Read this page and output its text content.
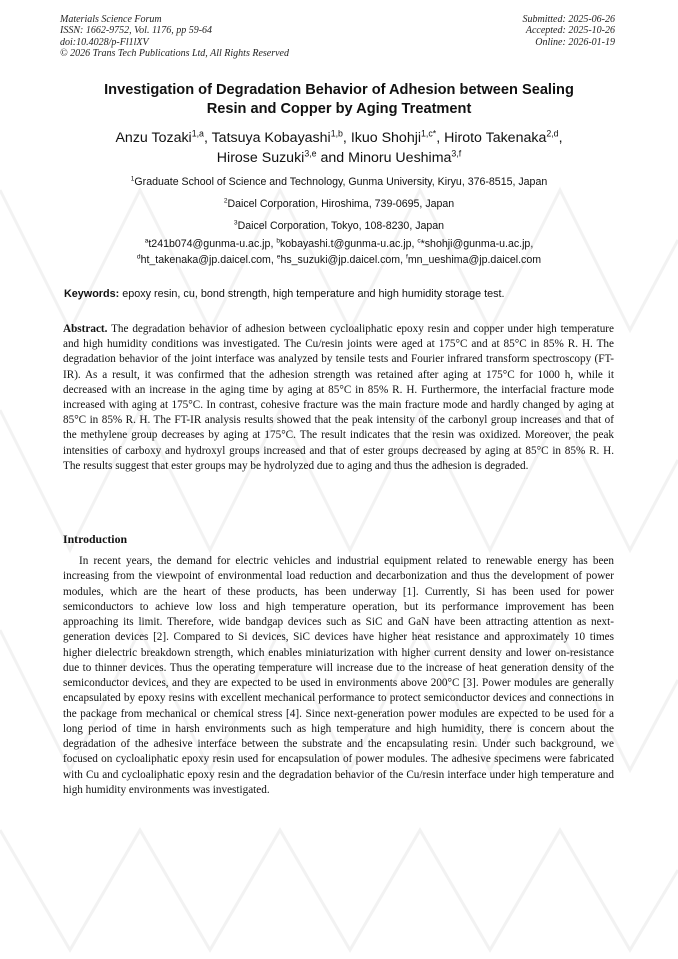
Materials Science Forum
ISSN: 1662-9752, Vol. 1176, pp 59-64
doi:10.4028/p-Fl1lXV
© 2026 Trans Tech Publications Ltd, All Rights Reserved
Submitted: 2025-06-26
Accepted: 2025-10-26
Online: 2026-01-19
Investigation of Degradation Behavior of Adhesion between Sealing
Resin and Copper by Aging Treatment
Anzu Tozaki$^{1,a}$, Tatsuya Kobayashi$^{1,b}$, Ikuo Shohji$^{1,c*}$, Hiroto Takenaka$^{2,d}$,
Hirose Suzuki$^{3,e}$ and Minoru Ueshima$^{3,f}$
$^1$Graduate School of Science and Technology, Gunma University, Kiryu, 376-8515, Japan
$^2$Daicel Corporation, Hiroshima, 739-0695, Japan
$^3$Daicel Corporation, Tokyo, 108-8230, Japan
$^a$t241b074@gunma-u.ac.jp, $^b$kobayashi.t@gunma-u.ac.jp, $^c$*shohji@gunma-u.ac.jp,
$^d$ht_takenaka@jp.daicel.com, $^e$hs_suzuki@jp.daicel.com, $^f$mn_ueshima@jp.daicel.com
Keywords: epoxy resin, cu, bond strength, high temperature and high humidity storage test.
Abstract. The degradation behavior of adhesion between cycloaliphatic epoxy resin and copper under high temperature and high humidity conditions was investigated. The Cu/resin joints were aged at 175°C and at 85°C in 85% R. H. The degradation behavior of the joint interface was analyzed by tensile tests and Fourier infrared transform spectroscopy (FT-IR). As a result, it was confirmed that the adhesion strength was retained after aging at 175°C for 1000 h, while it decreased with an increase in the aging time by aging at 85°C in 85% R. H. Furthermore, the interfacial fracture mode increased with aging at 175°C. In contrast, cohesive fracture was the main fracture mode and hardly changed by aging at 85°C in 85% R. H. The FT-IR analysis results showed that the peak intensity of the carbonyl group increases and that of the methylene group decreases by aging at 175°C. The result indicates that the resin was oxidized. Moreover, the peak intensities of carboxy and hydroxyl groups increased and that of ester groups decreased by aging at 85°C in 85% R. H. The results suggest that ester groups may be hydrolyzed due to aging and thus the adhesion is degraded.
Introduction

In recent years, the demand for electric vehicles and industrial equipment related to renewable energy has been increasing from the viewpoint of environmental load reduction and decarbonization and thus the development of power modules, which are the heart of these products, has been underway [1]. Currently, Si has been used for power semiconductors to achieve low loss and high temperature operation, but its performance improvement has been approaching its limit. Therefore, wide bandgap devices such as SiC and GaN have been attracting attention as next-generation devices [2]. Compared to Si devices, SiC devices have higher heat resistance and approximately 10 times higher dielectric breakdown strength, which enables miniaturization with higher current density and lower on-resistance due to thinner devices. Thus the operating temperature will increase due to the increase of heat generation density of the semiconductor devices, and they are expected to be used in environments above 200°C [3]. Power modules are generally encapsulated by epoxy resins with excellent mechanical performance to protect semiconductor devices and connections in the package from mechanical or chemical stress [4]. Since next-generation power modules are expected to be used for a long period of time in harsh environments such as high temperature and high humidity, there is concern about the degradation of the adhesive interface between the substrate and the encapsulating resin. Under such background, we focused on cycloaliphatic epoxy resin used for encapsulation of power modules. The adhesive specimens were fabricated with Cu and cycloaliphatic epoxy resin and the degradation behavior of the Cu/resin interface under high temperature and high humidity environments was investigated.
